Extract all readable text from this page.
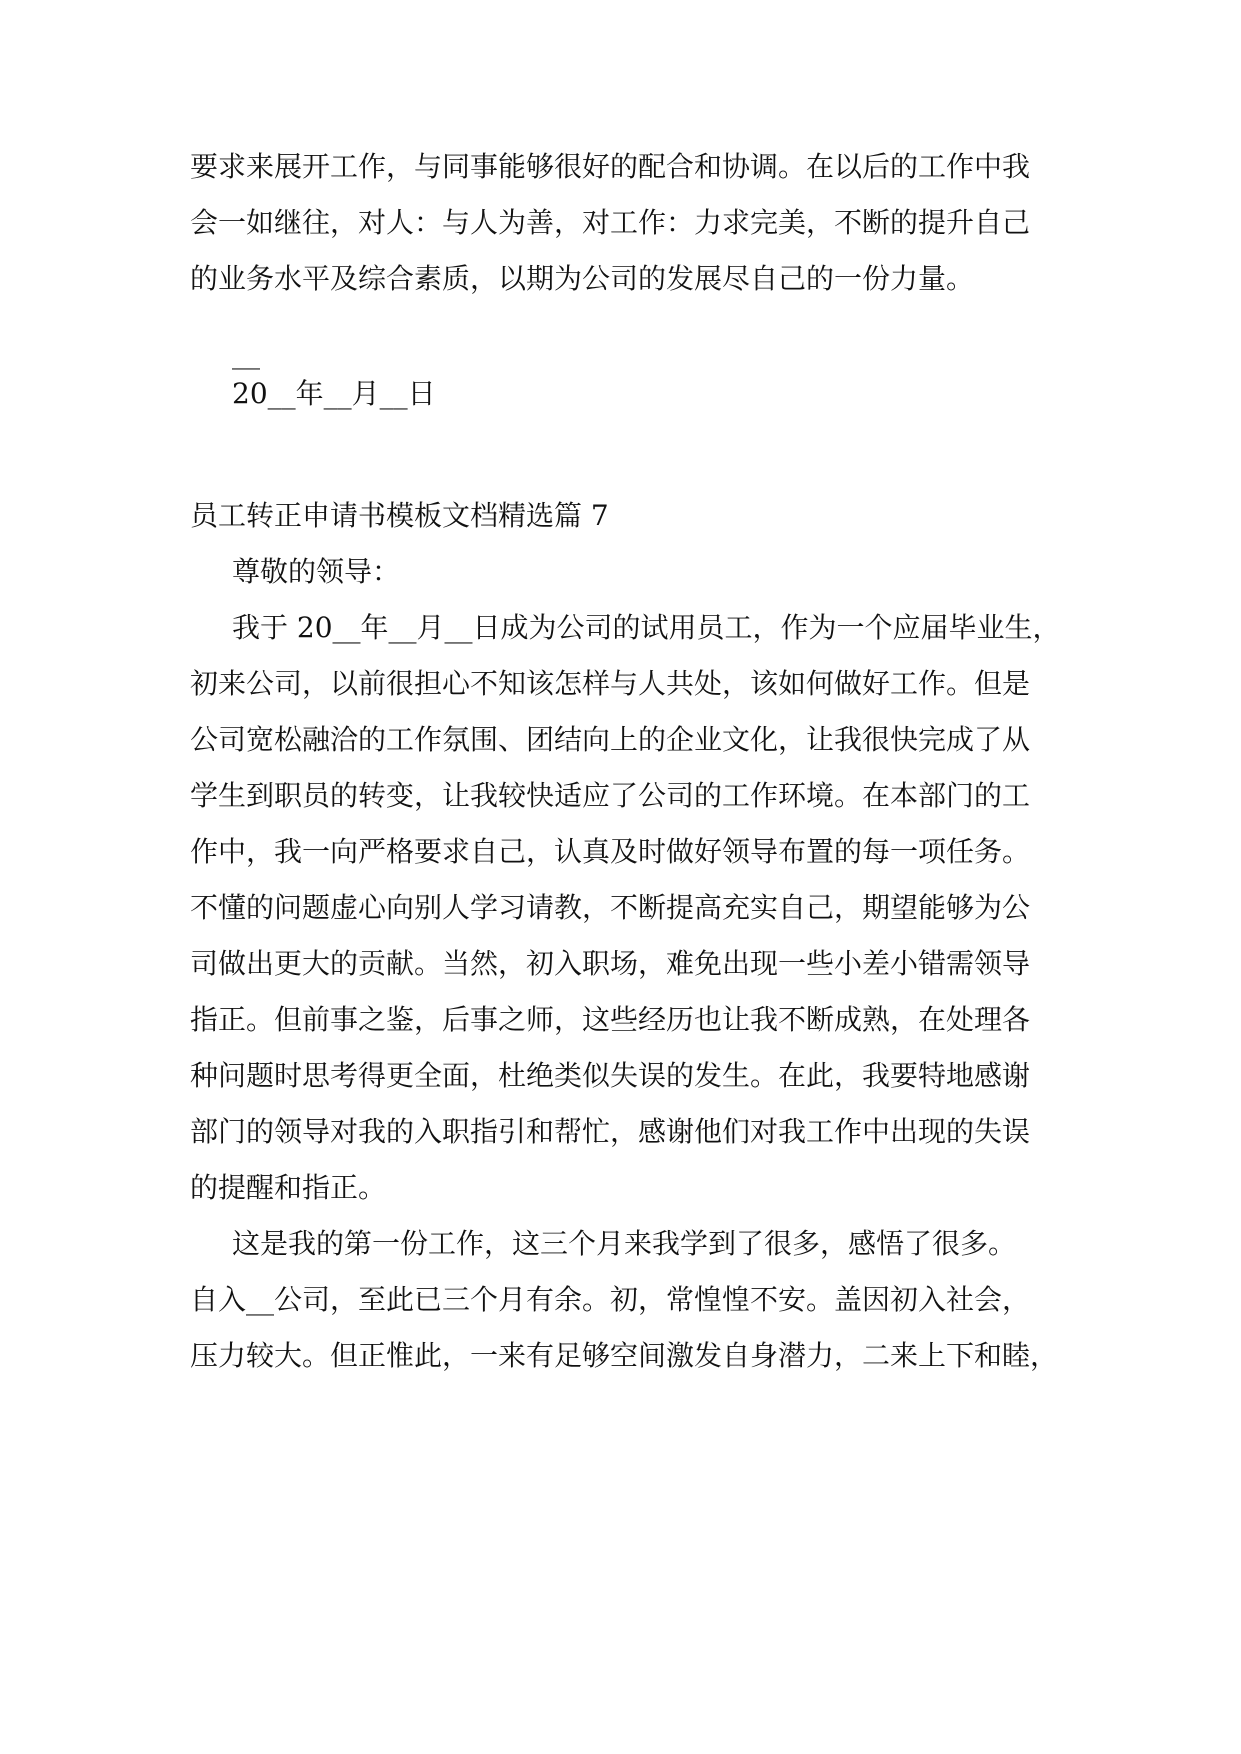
要求来展开工作，与同事能够很好的配合和协调。在以后的工作中我
会一如继往，对人：与人为善，对工作：力求完美，不断的提升自己
的业务水平及综合素质，以期为公司的发展尽自己的一份力量。
__
20__年__月__日
员工转正申请书模板文档精选篇 7
尊敬的领导：
我于 20__年__月__日成为公司的试用员工，作为一个应届毕业生，
初来公司，以前很担心不知该怎样与人共处，该如何做好工作。但是
公司宽松融洽的工作氛围、团结向上的企业文化，让我很快完成了从
学生到职员的转变，让我较快适应了公司的工作环境。在本部门的工
作中，我一向严格要求自己，认真及时做好领导布置的每一项任务。
不懂的问题虚心向别人学习请教，不断提高充实自己，期望能够为公
司做出更大的贡献。当然，初入职场，难免出现一些小差小错需领导
指正。但前事之鉴，后事之师，这些经历也让我不断成熟，在处理各
种问题时思考得更全面，杜绝类似失误的发生。在此，我要特地感谢
部门的领导对我的入职指引和帮忙，感谢他们对我工作中出现的失误
的提醒和指正。
这是我的第一份工作，这三个月来我学到了很多，感悟了很多。
自入__公司，至此已三个月有余。初，常惶惶不安。盖因初入社会，
压力较大。但正惟此，一来有足够空间激发自身潜力，二来上下和睦，
